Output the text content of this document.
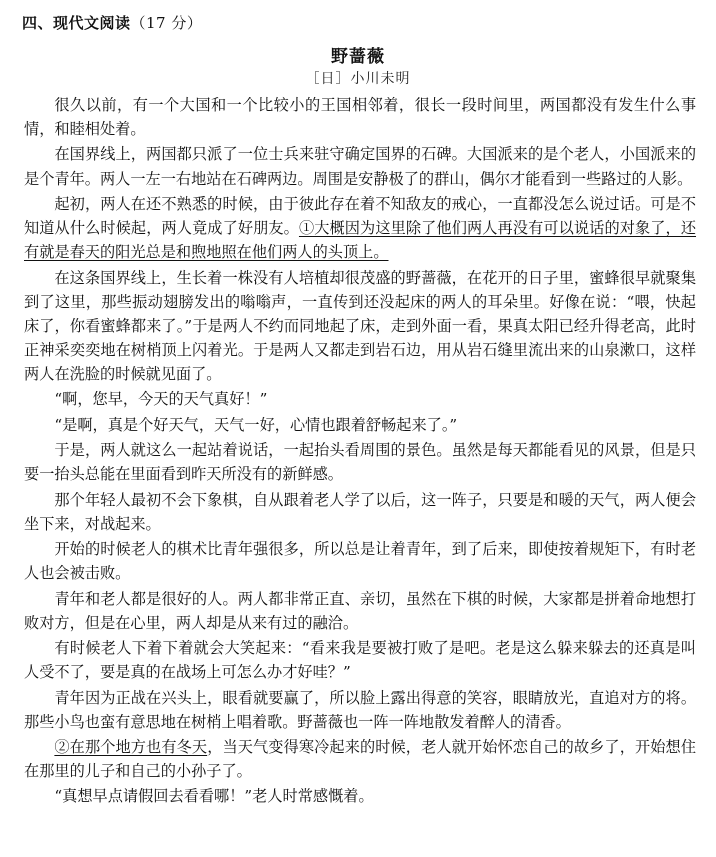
四、现代文阅读（17 分）
野蔷薇
［日］小川未明

很久以前，有一个大国和一个比较小的王国相邻着，很长一段时间里，两国都没有发生什么事情，和睦相处着。

在国界线上，两国都只派了一位士兵来驻守确定国界的石碑。大国派来的是个老人，小国派来的是个青年。两人一左一右地站在石碑两边。周围是安静极了的群山，偶尔才能看到一些路过的人影。

起初，两人在还不熟悉的时候，由于彼此存在着不知敌友的戒心，一直都没怎么说过话。可是不知道从什么时候起，两人竟成了好朋友。①大概因为这里除了他们两人再没有可以说话的对象了，还有就是春天的阳光总是和煦地照在他们两人的头顶上。

在这条国界线上，生长着一株没有人培植却很茂盛的野蔷薇，在花开的日子里，蜜蜂很早就聚集到了这里，那些振动翅膀发出的嗡嗡声，一直传到还没起床的两人的耳朵里。好像在说：“喂，快起床了，你看蜜蜂都来了。”于是两人不约而同地起了床，走到外面一看，果真太阳已经升得老高，此时正神采奕奕地在树梢顶上闪着光。于是两人又都走到岩石边，用从岩石缝里流出来的山泉漱口，这样两人在洗脸的时候就见面了。

“啊，您早，今天的天气真好！”

“是啊，真是个好天气，天气一好，心情也跟着舒畅起来了。”

于是，两人就这么一起站着说话，一起抬头看周围的景色。虽然是每天都能看见的风景，但是只要一抬头总能在里面看到昨天所没有的新鲜感。

那个年轻人最初不会下象棋，自从跟着老人学了以后，这一阵子，只要是和暖的天气，两人便会坐下来，对战起来。

开始的时候老人的棋术比青年强很多，所以总是让着青年，到了后来，即使按着规矩下，有时老人也会被击败。

青年和老人都是很好的人。两人都非常正直、亲切，虽然在下棋的时候，大家都是拼着命地想打败对方，但是在心里，两人却是从来有过的融洽。

有时候老人下着下着就会大笑起来：“看来我是要被打败了是吧。老是这么躲来躲去的还真是叫人受不了，要是真的在战场上可怎么办才好哇？”

青年因为正战在兴头上，眼看就要赢了，所以脸上露出得意的笑容，眼睛放光，直追对方的将。那些小鸟也蛮有意思地在树梢上唱着歌。野蔷薇也一阵一阵地散发着醉人的清香。

②在那个地方也有冬天，当天气变得寒冷起来的时候，老人就开始怀恋自己的故乡了，开始想住在那里的儿子和自己的小孙子了。

“真想早点请假回去看看哪！”老人时常感慨着。
